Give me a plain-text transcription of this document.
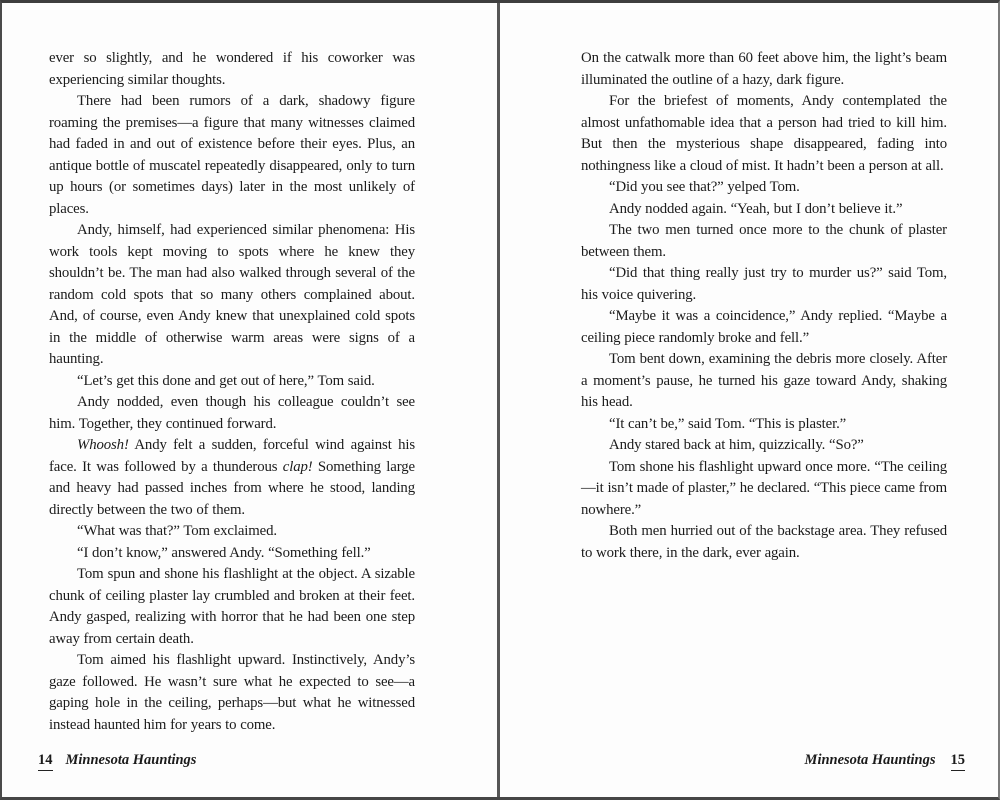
ever so slightly, and he wondered if his coworker was experiencing similar thoughts.

There had been rumors of a dark, shadowy figure roaming the premises—a figure that many witnesses claimed had faded in and out of existence before their eyes. Plus, an antique bottle of muscatel repeatedly disappeared, only to turn up hours (or sometimes days) later in the most unlikely of places.

Andy, himself, had experienced similar phenomena: His work tools kept moving to spots where he knew they shouldn’t be. The man had also walked through several of the random cold spots that so many others complained about. And, of course, even Andy knew that unexplained cold spots in the middle of otherwise warm areas were signs of a haunting.

“Let’s get this done and get out of here,” Tom said.

Andy nodded, even though his colleague couldn’t see him. Together, they continued forward.

Whoosh! Andy felt a sudden, forceful wind against his face. It was followed by a thunderous clap! Something large and heavy had passed inches from where he stood, landing directly between the two of them.

“What was that?” Tom exclaimed.

“I don’t know,” answered Andy. “Something fell.”

Tom spun and shone his flashlight at the object. A sizable chunk of ceiling plaster lay crumbled and broken at their feet. Andy gasped, realizing with horror that he had been one step away from certain death.

Tom aimed his flashlight upward. Instinctively, Andy’s gaze followed. He wasn’t sure what he expected to see—a gaping hole in the ceiling, perhaps—but what he witnessed instead haunted him for years to come.

14 Minnesota Hauntings

On the catwalk more than 60 feet above him, the light’s beam illuminated the outline of a hazy, dark figure.

For the briefest of moments, Andy contemplated the almost unfathomable idea that a person had tried to kill him. But then the mysterious shape disappeared, fading into nothingness like a cloud of mist. It hadn’t been a person at all.

“Did you see that?” yelped Tom.

Andy nodded again. “Yeah, but I don’t believe it.”

The two men turned once more to the chunk of plaster between them.

“Did that thing really just try to murder us?” said Tom, his voice quivering.

“Maybe it was a coincidence,” Andy replied. “Maybe a ceiling piece randomly broke and fell.”

Tom bent down, examining the debris more closely. After a moment’s pause, he turned his gaze toward Andy, shaking his head.

“It can’t be,” said Tom. “This is plaster.”

Andy stared back at him, quizzically. “So?”

Tom shone his flashlight upward once more. “The ceiling—it isn’t made of plaster,” he declared. “This piece came from nowhere.”

Both men hurried out of the backstage area. They refused to work there, in the dark, ever again.

Minnesota Hauntings 15
